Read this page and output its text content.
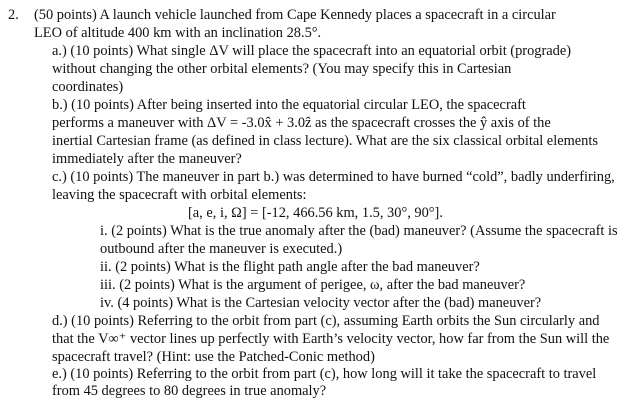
2. (50 points) A launch vehicle launched from Cape Kennedy places a spacecraft in a circular
LEO of altitude 400 km with an inclination 28.5°.
a.) (10 points) What single ΔV will place the spacecraft into an equatorial orbit (prograde)
without changing the other orbital elements? (You may specify this in Cartesian
coordinates)
b.) (10 points) After being inserted into the equatorial circular LEO, the spacecraft
performs a maneuver with ΔV = -3.0x̂ + 3.0ẑ as the spacecraft crosses the ŷ axis of the
inertial Cartesian frame (as defined in class lecture). What are the six classical orbital elements
immediately after the maneuver?
c.) (10 points) The maneuver in part b.) was determined to have burned “cold”, badly underfiring,
leaving the spacecraft with orbital elements:
[a, e, i, Ω] = [-12, 466.56 km, 1.5, 30°, 90°].
i. (2 points) What is the true anomaly after the (bad) maneuver? (Assume the spacecraft is
outbound after the maneuver is executed.)
ii. (2 points) What is the flight path angle after the bad maneuver?
iii. (2 points) What is the argument of perigee, ω, after the bad maneuver?
iv. (4 points) What is the Cartesian velocity vector after the (bad) maneuver?
d.) (10 points) Referring to the orbit from part (c), assuming Earth orbits the Sun circularly and
that the V∞⁺ vector lines up perfectly with Earth’s velocity vector, how far from the Sun will the
spacecraft travel? (Hint: use the Patched-Conic method)
e.) (10 points) Referring to the orbit from part (c), how long will it take the spacecraft to travel
from 45 degrees to 80 degrees in true anomaly?
